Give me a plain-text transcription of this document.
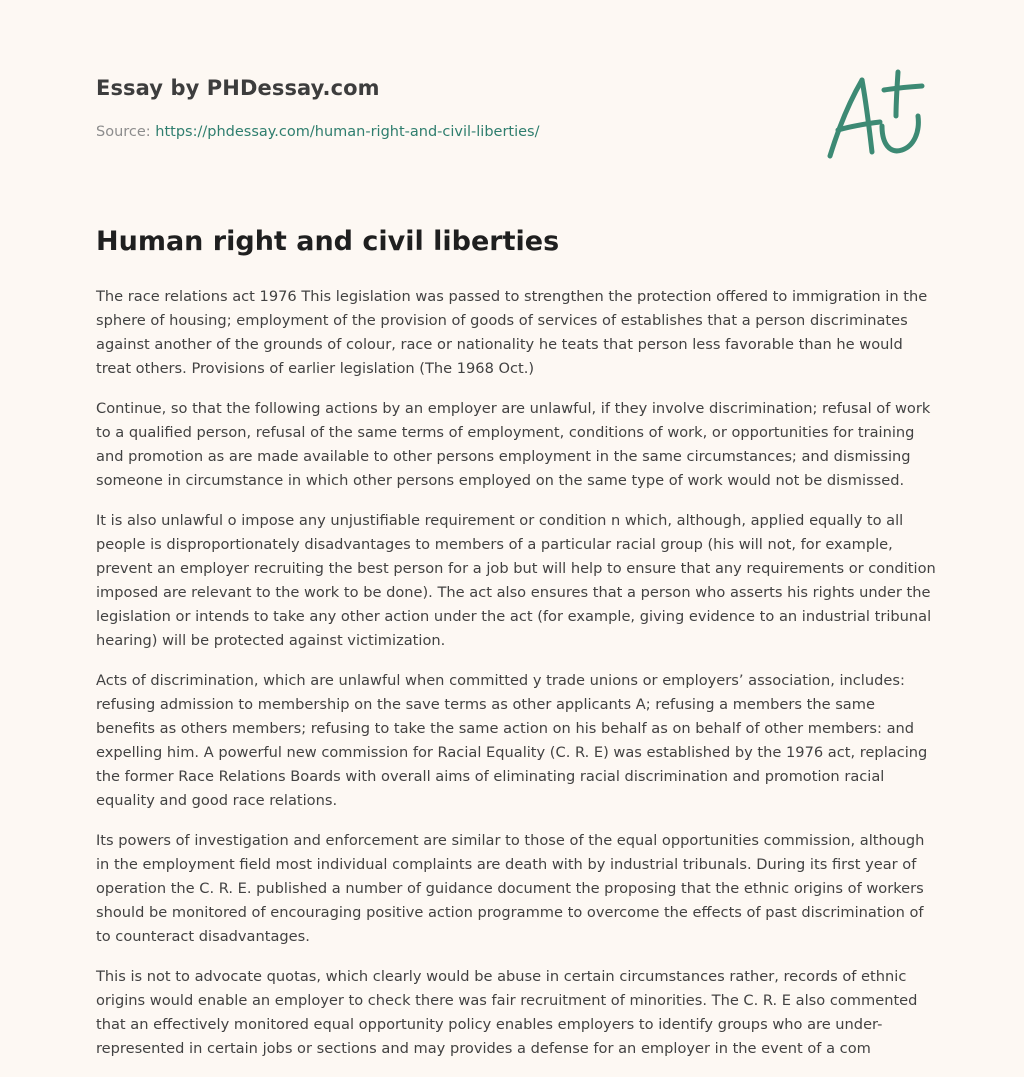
Essay by PHDessay.com
Source: https://phdessay.com/human-right-and-civil-liberties/
Human right and civil liberties

The race relations act 1976 This legislation was passed to strengthen the protection offered to immigration in the sphere of housing; employment of the provision of goods of services of establishes that a person discriminates against another of the grounds of colour, race or nationality he teats that person less favorable than he would treat others. Provisions of earlier legislation (The 1968 Oct.)

Continue, so that the following actions by an employer are unlawful, if they involve discrimination; refusal of work to a qualified person, refusal of the same terms of employment, conditions of work, or opportunities for training and promotion as are made available to other persons employment in the same circumstances; and dismissing someone in circumstance in which other persons employed on the same type of work would not be dismissed.

It is also unlawful o impose any unjustifiable requirement or condition n which, although, applied equally to all people is disproportionately disadvantages to members of a particular racial group (his will not, for example, prevent an employer recruiting the best person for a job but will help to ensure that any requirements or condition imposed are relevant to the work to be done). The act also ensures that a person who asserts his rights under the legislation or intends to take any other action under the act (for example, giving evidence to an industrial tribunal hearing) will be protected against victimization.

Acts of discrimination, which are unlawful when committed y trade unions or employers’ association, includes: refusing admission to membership on the save terms as other applicants A; refusing a members the same benefits as others members; refusing to take the same action on his behalf as on behalf of other members: and expelling him. A powerful new commission for Racial Equality (C. R. E) was established by the 1976 act, replacing the former Race Relations Boards with overall aims of eliminating racial discrimination and promotion racial equality and good race relations.

Its powers of investigation and enforcement are similar to those of the equal opportunities commission, although in the employment field most individual complaints are death with by industrial tribunals. During its first year of operation the C. R. E. published a number of guidance document the proposing that the ethnic origins of workers should be monitored of encouraging positive action programme to overcome the effects of past discrimination of to counteract disadvantages.

This is not to advocate quotas, which clearly would be abuse in certain circumstances rather, records of ethnic origins would enable an employer to check there was fair recruitment of minorities. The C. R. E also commented that an effectively monitored equal opportunity policy enables employers to identify groups who are under-represented in certain jobs or sections and may provides a defense for an employer in the event of a com
